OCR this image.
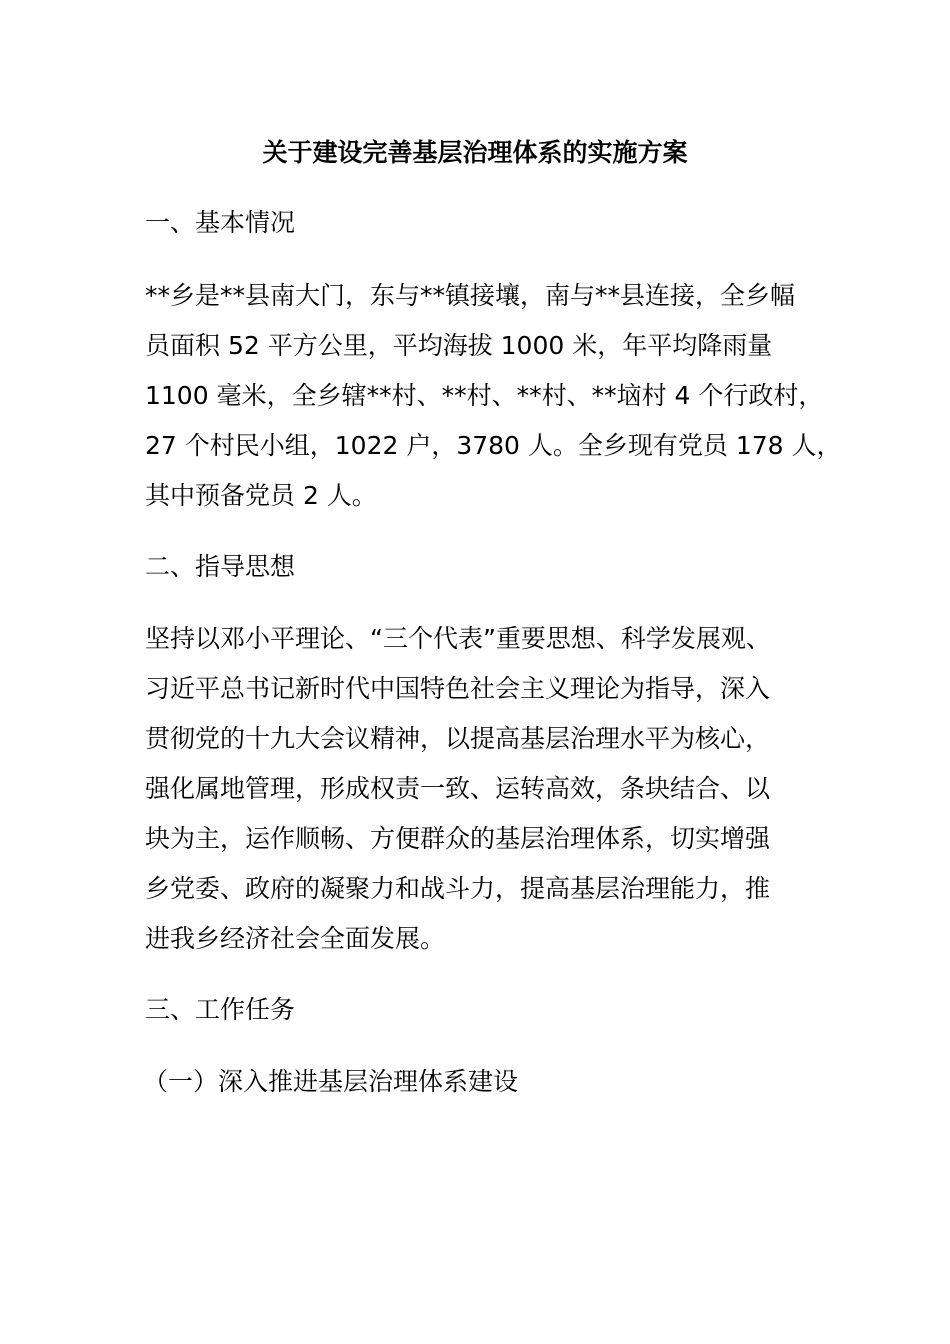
关于建设完善基层治理体系的实施方案
一、基本情况
**乡是**县南大门，东与**镇接壤，南与**县连接，全乡幅
员面积 52 平方公里，平均海拔 1000 米，年平均降雨量
1100 毫米，全乡辖**村、**村、**村、**垴村 4 个行政村，
27 个村民小组，1022 户，3780 人。全乡现有党员 178 人，
其中预备党员 2 人。
二、指导思想
坚持以邓小平理论、“三个代表”重要思想、科学发展观、
习近平总书记新时代中国特色社会主义理论为指导，深入
贯彻党的十九大会议精神，以提高基层治理水平为核心，
强化属地管理，形成权责一致、运转高效，条块结合、以
块为主，运作顺畅、方便群众的基层治理体系，切实增强
乡党委、政府的凝聚力和战斗力，提高基层治理能力，推
进我乡经济社会全面发展。
三、工作任务
（一）深入推进基层治理体系建设
